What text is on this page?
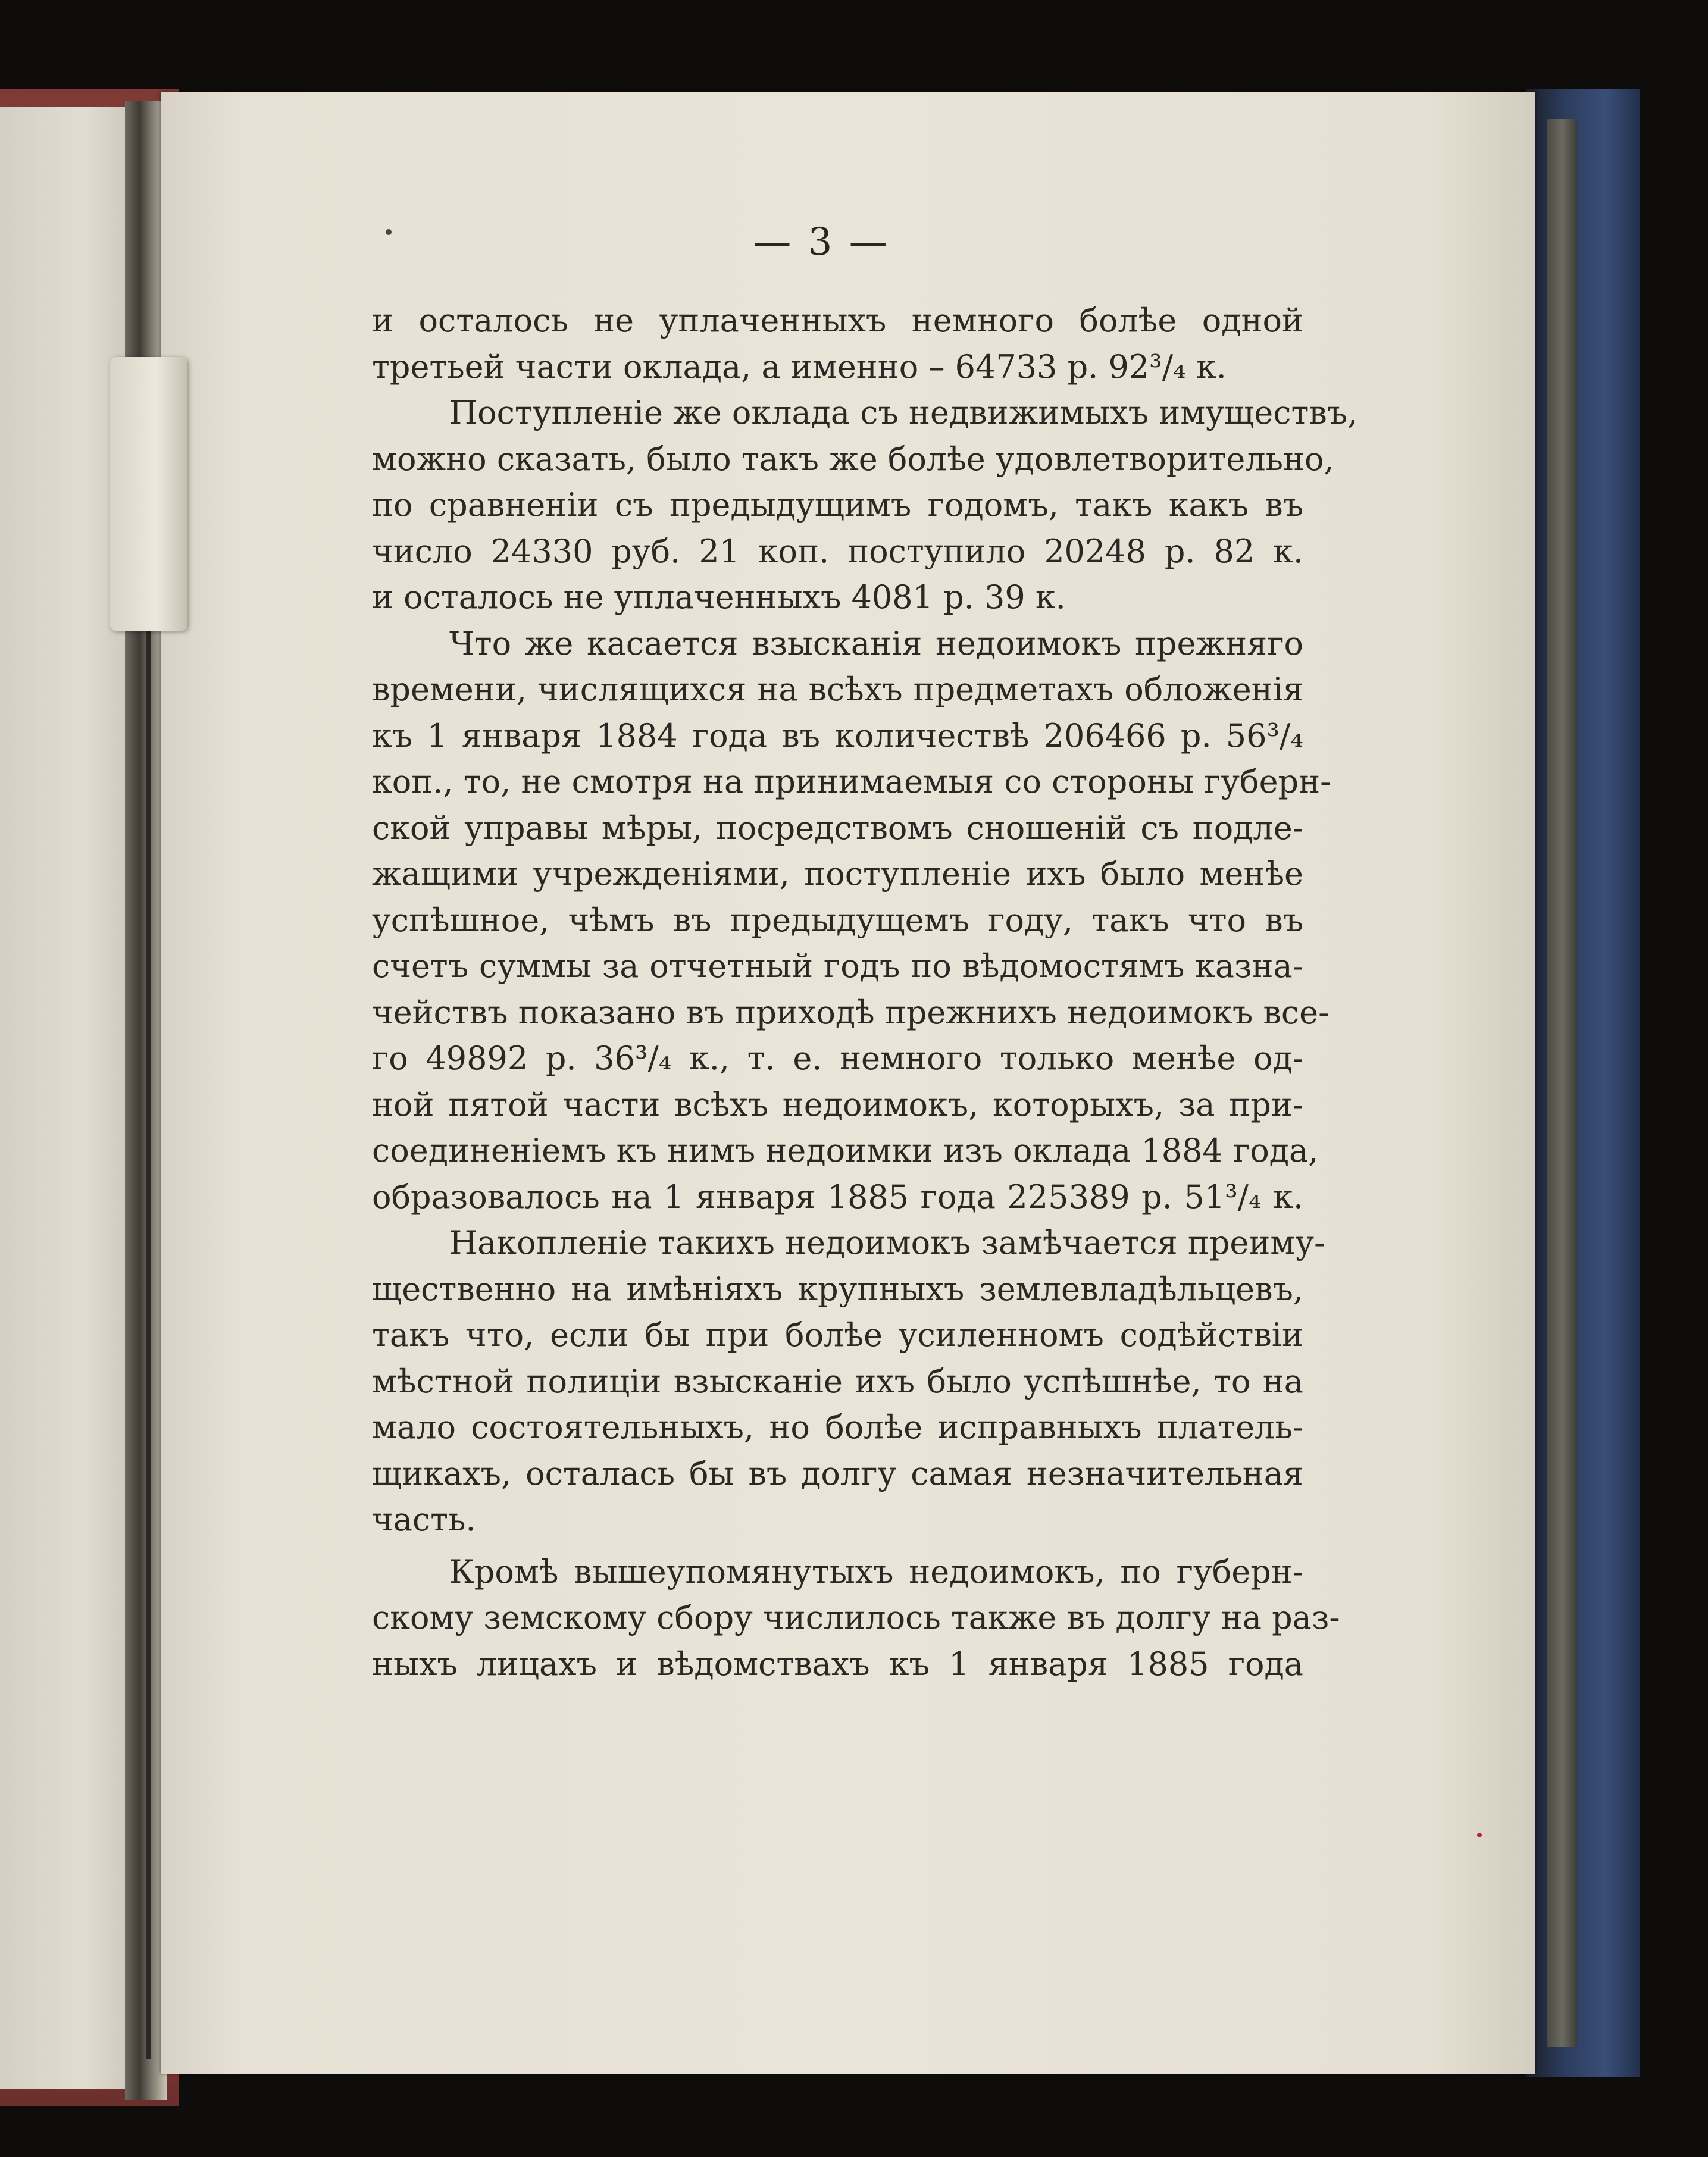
— 3 —
и осталось не уплаченныхъ немного болѣе одной
третьей части оклада, а именно – 64733 р. 92³/₄ к.
Поступленіе же оклада съ недвижимыхъ имуществъ,
можно сказать, было такъ же болѣе удовлетворительно,
по сравненіи съ предыдущимъ годомъ, такъ какъ въ
число 24330 руб. 21 коп. поступило 20248 р. 82 к.
и осталось не уплаченныхъ 4081 р. 39 к.
Что же касается взысканія недоимокъ прежняго
времени, числящихся на всѣхъ предметахъ обложенія
къ 1 января 1884 года въ количествѣ 206466 р. 56³/₄
коп., то, не смотря на принимаемыя со стороны губерн-
ской управы мѣры, посредствомъ сношеній съ подле-
жащими учрежденіями, поступленіе ихъ было менѣе
успѣшное, чѣмъ въ предыдущемъ году, такъ что въ
счетъ суммы за отчетный годъ по вѣдомостямъ казна-
чействъ показано въ приходѣ прежнихъ недоимокъ все-
го 49892 р. 36³/₄ к., т. е. немного только менѣе од-
ной пятой части всѣхъ недоимокъ, которыхъ, за при-
соединеніемъ къ нимъ недоимки изъ оклада 1884 года,
образовалось на 1 января 1885 года 225389 р. 51³/₄ к.
Накопленіе такихъ недоимокъ замѣчается преиму-
щественно на имѣніяхъ крупныхъ землевладѣльцевъ,
такъ что, если бы при болѣе усиленномъ содѣйствіи
мѣстной полиціи взысканіе ихъ было успѣшнѣе, то на
мало состоятельныхъ, но болѣе исправныхъ платель-
щикахъ, осталась бы въ долгу самая незначительная
часть.
Кромѣ вышеупомянутыхъ недоимокъ, по губерн-
скому земскому сбору числилось также въ долгу на раз-
ныхъ лицахъ и вѣдомствахъ къ 1 января 1885 года
